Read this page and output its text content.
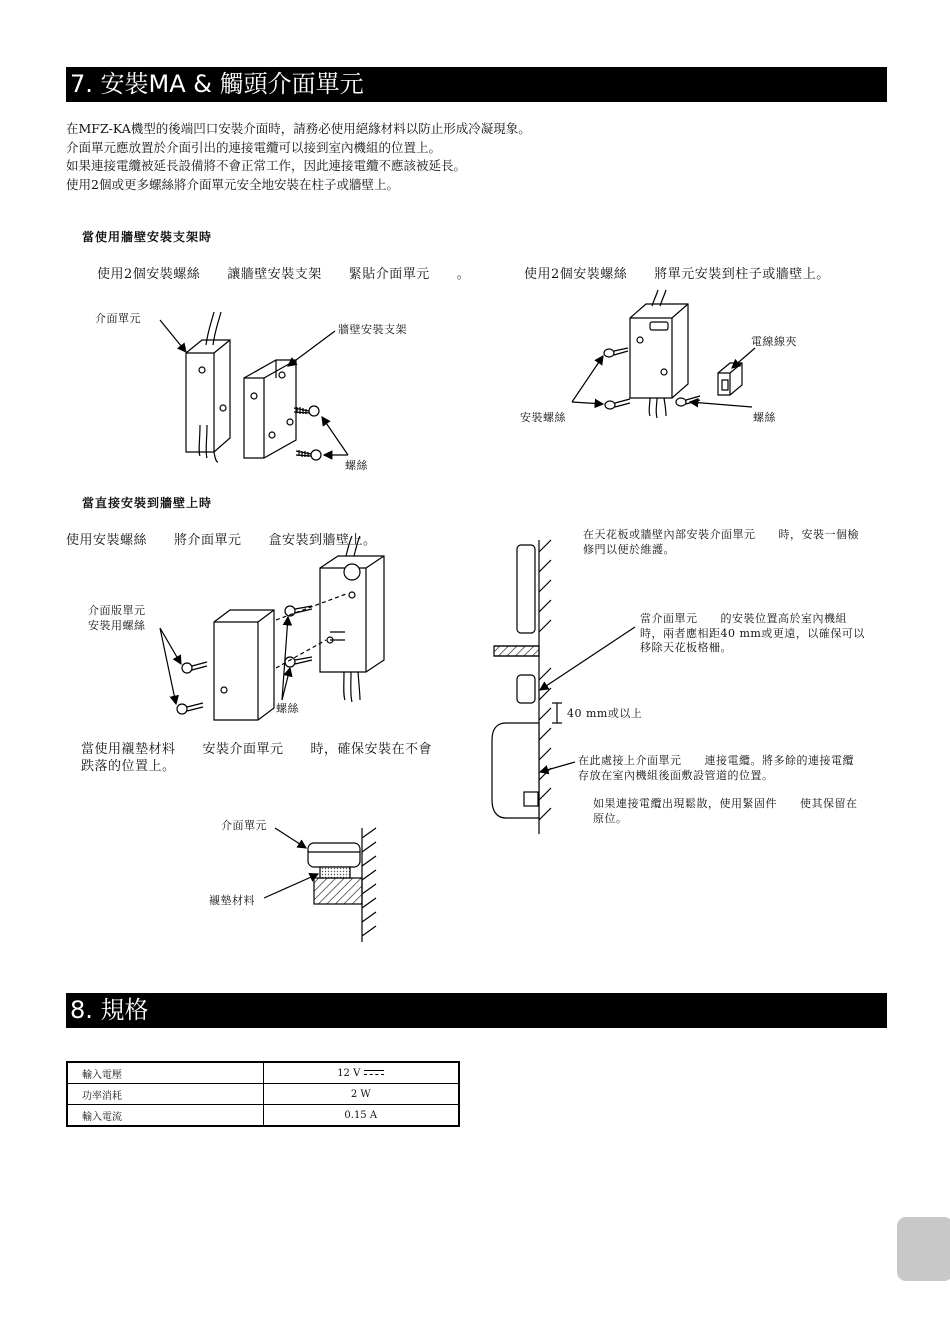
7. 安裝MA & 觸頭介面單元
在MFZ-KA機型的後端凹口安裝介面時，請務必使用絕緣材料以防止形成冷凝現象。
介面單元應放置於介面引出的連接電纜可以接到室內機組的位置上。
如果連接電纜被延長設備將不會正常工作，因此連接電纜不應該被延長。
使用2個或更多螺絲將介面單元安全地安裝在柱子或牆壁上。
當使用牆壁安裝支架時
使用2個安裝螺絲　　讓牆壁安裝支架　　緊貼介面單元　　。	使用2個安裝螺絲　　將單元安裝到柱子或牆壁上。
介面單元
牆壁安裝支架
螺絲
電線線夾
安裝螺絲	螺絲
當直接安裝到牆壁上時
使用安裝螺絲　　將介面單元　　盒安裝到牆壁上。
介面版單元
安裝用螺絲
螺絲
當使用襯墊材料　　安裝介面單元　　時，確保安裝在不會
跌落的位置上。
介面單元
襯墊材料
在天花板或牆壁內部安裝介面單元　　時，安裝一個檢
修門以便於維護。
當介面單元　　的安裝位置高於室內機組
時，兩者應相距40 mm或更遠，以確保可以
移除天花板格柵。
40 mm或以上
在此處接上介面單元　　連接電纜。將多餘的連接電纜
存放在室內機組後面敷設管道的位置。
如果連接電纜出現鬆散，使用緊固件　　使其保留在
原位。
8. 規格
輸入電壓	12 V
功率消耗	2 W
輸入電流	0.15 A
